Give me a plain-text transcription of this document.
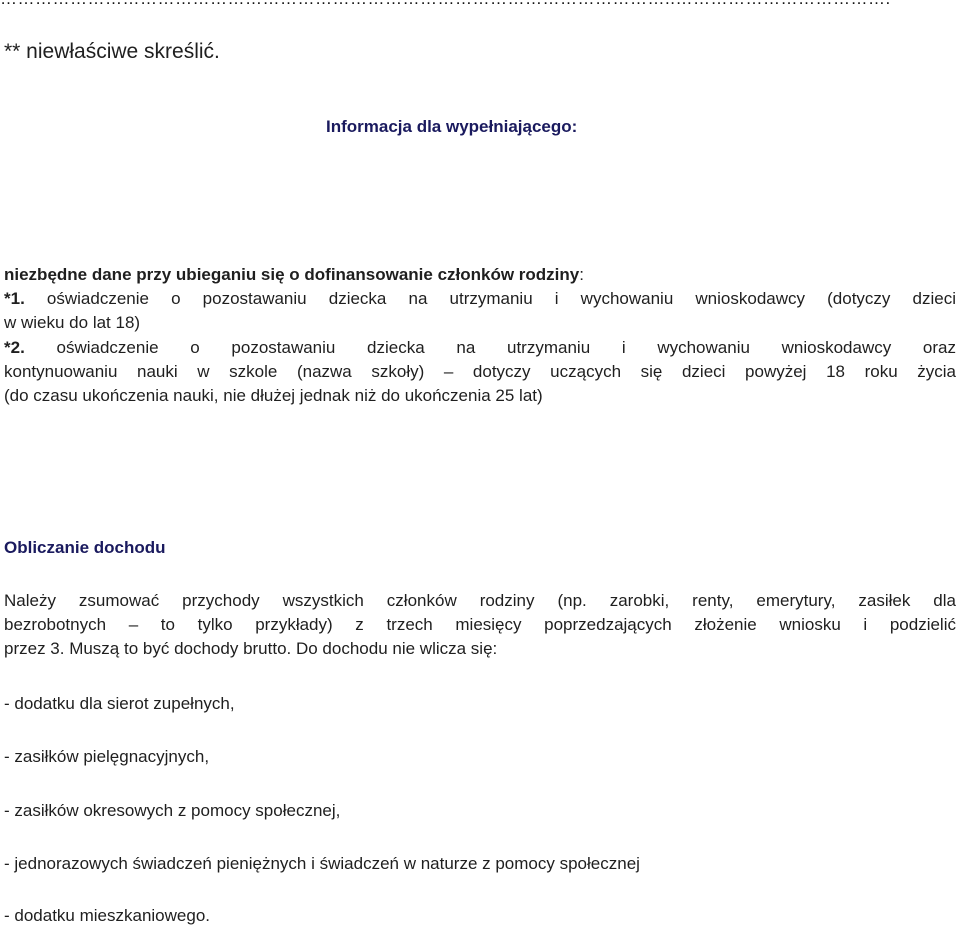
** niewłaściwe skreślić.
Informacja dla wypełniającego:
niezbędne dane przy ubieganiu się o dofinansowanie członków rodziny:
*1. oświadczenie o pozostawaniu dziecka na utrzymaniu i wychowaniu wnioskodawcy (dotyczy dzieci
w wieku do lat 18)
*2. oświadczenie o pozostawaniu dziecka na utrzymaniu i wychowaniu wnioskodawcy oraz
kontynuowaniu nauki w szkole (nazwa szkoły) – dotyczy uczących się dzieci powyżej 18 roku życia
(do czasu ukończenia nauki, nie dłużej jednak niż do ukończenia 25 lat)
Obliczanie dochodu
Należy zsumować przychody wszystkich członków rodziny (np. zarobki, renty, emerytury, zasiłek dla
bezrobotnych – to tylko przykłady) z trzech miesięcy poprzedzających złożenie wniosku i podzielić
przez 3. Muszą to być dochody brutto. Do dochodu nie wlicza się:
- dodatku dla sierot zupełnych,
- zasiłków pielęgnacyjnych,
- zasiłków okresowych z pomocy społecznej,
- jednorazowych świadczeń pieniężnych i świadczeń w naturze z pomocy społecznej
- dodatku mieszkaniowego.
